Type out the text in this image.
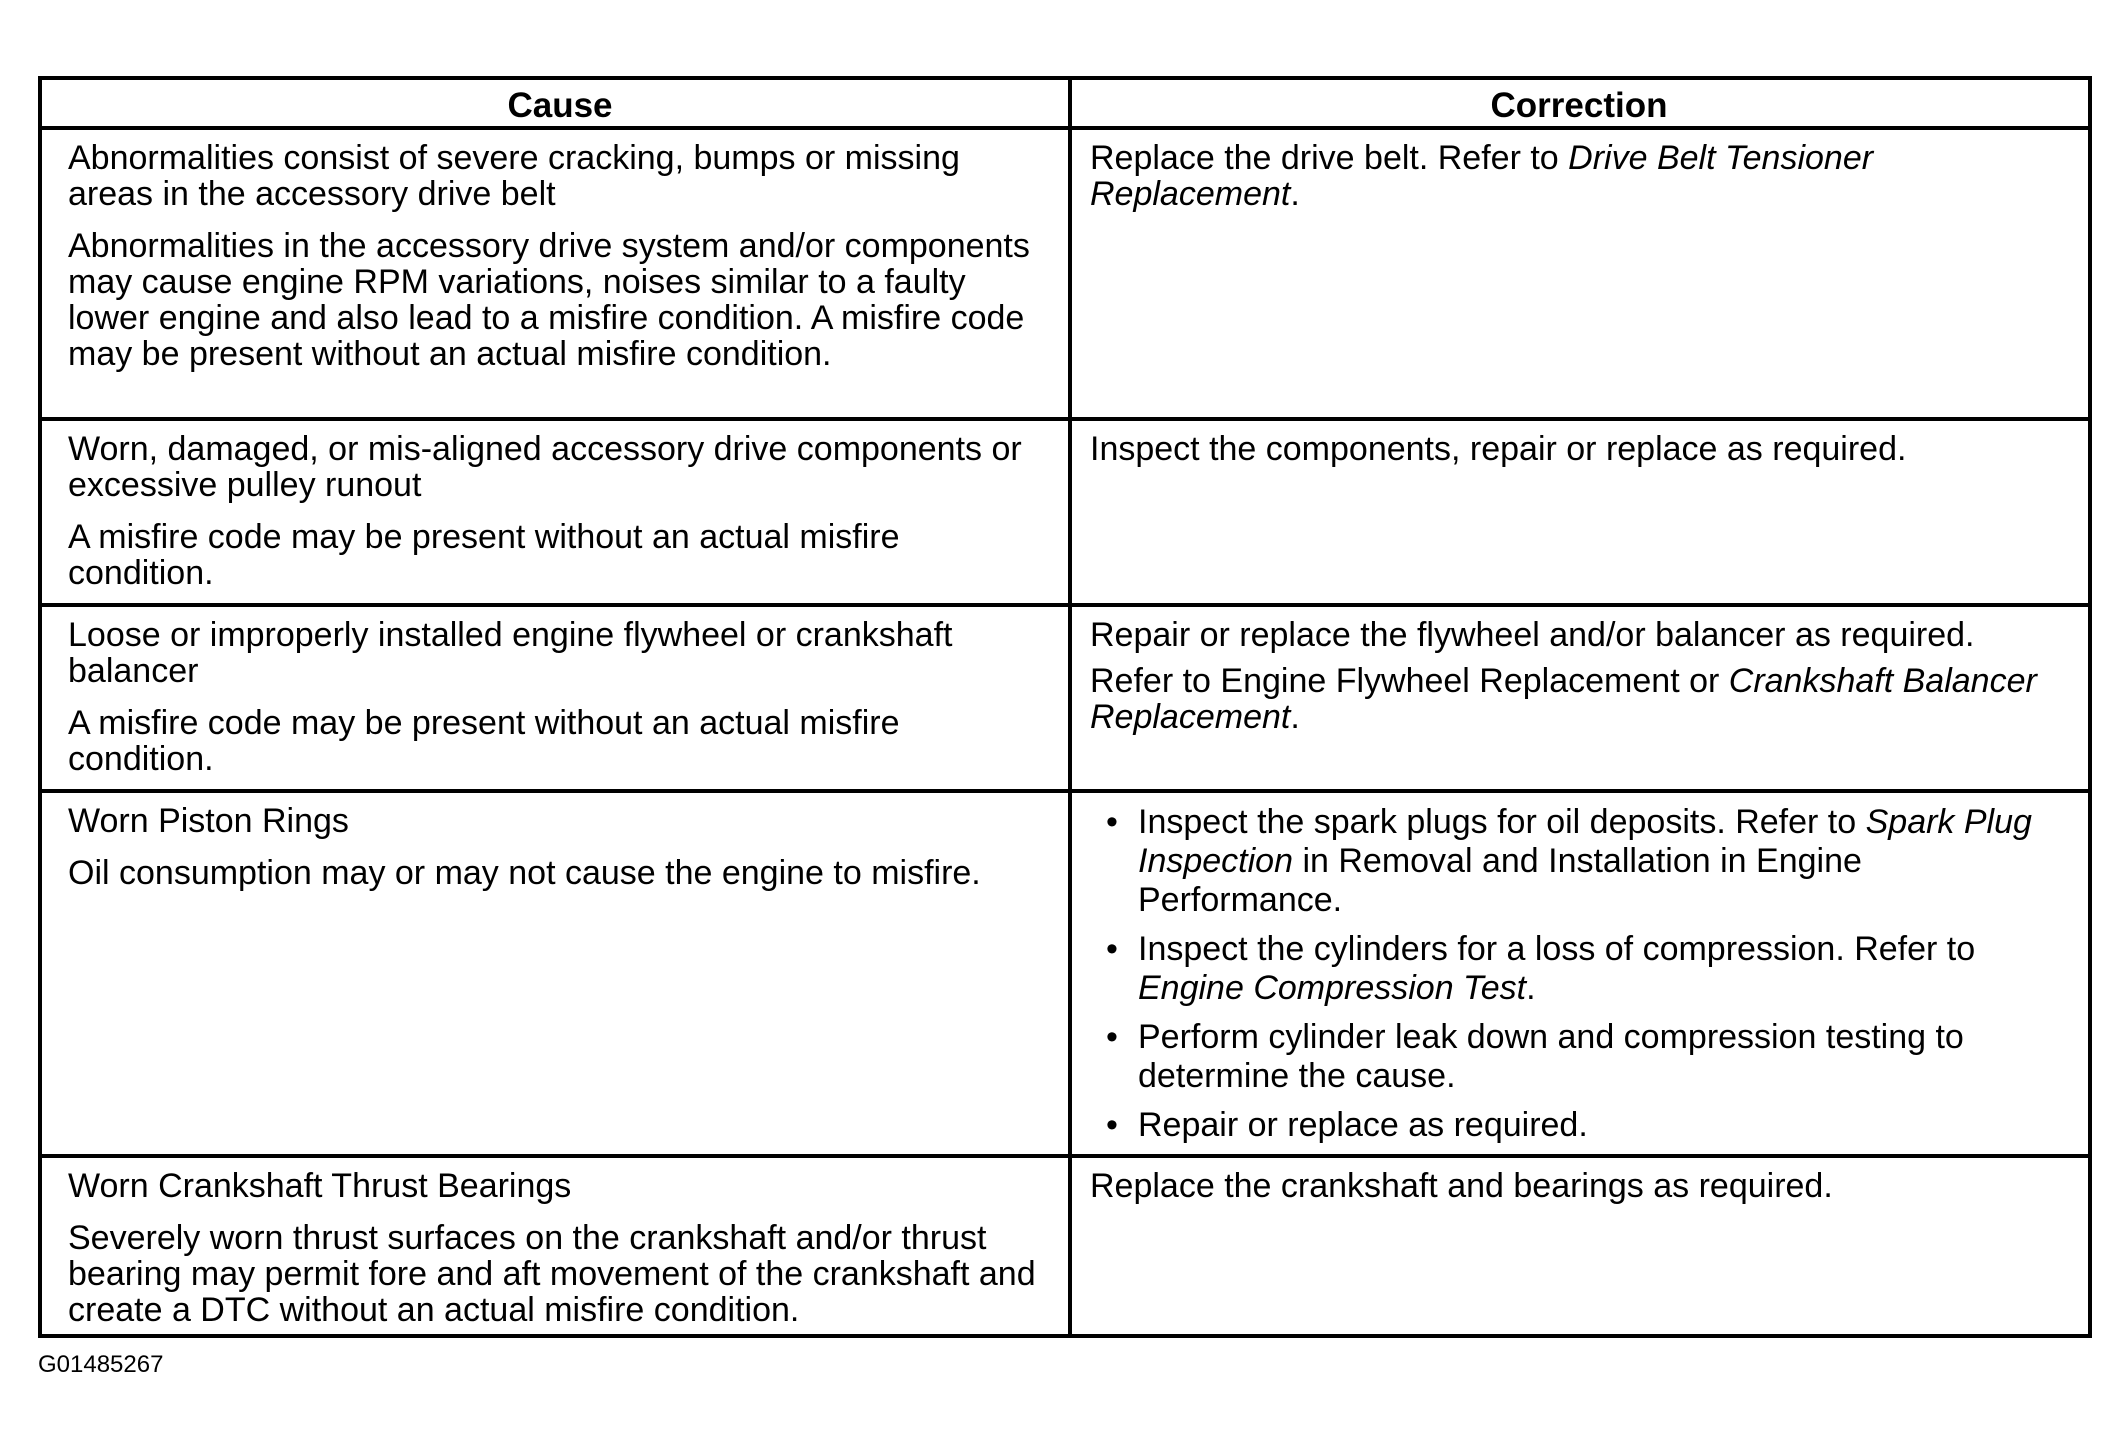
Cause	Correction

Abnormalities consist of severe cracking, bumps or missing areas in the accessory drive belt

Abnormalities in the accessory drive system and/or components may cause engine RPM variations, noises similar to a faulty lower engine and also lead to a misfire condition. A misfire code may be present without an actual misfire condition.

Replace the drive belt. Refer to Drive Belt Tensioner Replacement.

Worn, damaged, or mis-aligned accessory drive components or excessive pulley runout

A misfire code may be present without an actual misfire condition.

Inspect the components, repair or replace as required.

Loose or improperly installed engine flywheel or crankshaft balancer

A misfire code may be present without an actual misfire condition.

Repair or replace the flywheel and/or balancer as required.

Refer to Engine Flywheel Replacement or Crankshaft Balancer Replacement.

Worn Piston Rings

Oil consumption may or may not cause the engine to misfire.

• Inspect the spark plugs for oil deposits. Refer to Spark Plug Inspection in Removal and Installation in Engine Performance.
• Inspect the cylinders for a loss of compression. Refer to Engine Compression Test.
• Perform cylinder leak down and compression testing to determine the cause.
• Repair or replace as required.

Worn Crankshaft Thrust Bearings

Severely worn thrust surfaces on the crankshaft and/or thrust bearing may permit fore and aft movement of the crankshaft and create a DTC without an actual misfire condition.

Replace the crankshaft and bearings as required.

G01485267
